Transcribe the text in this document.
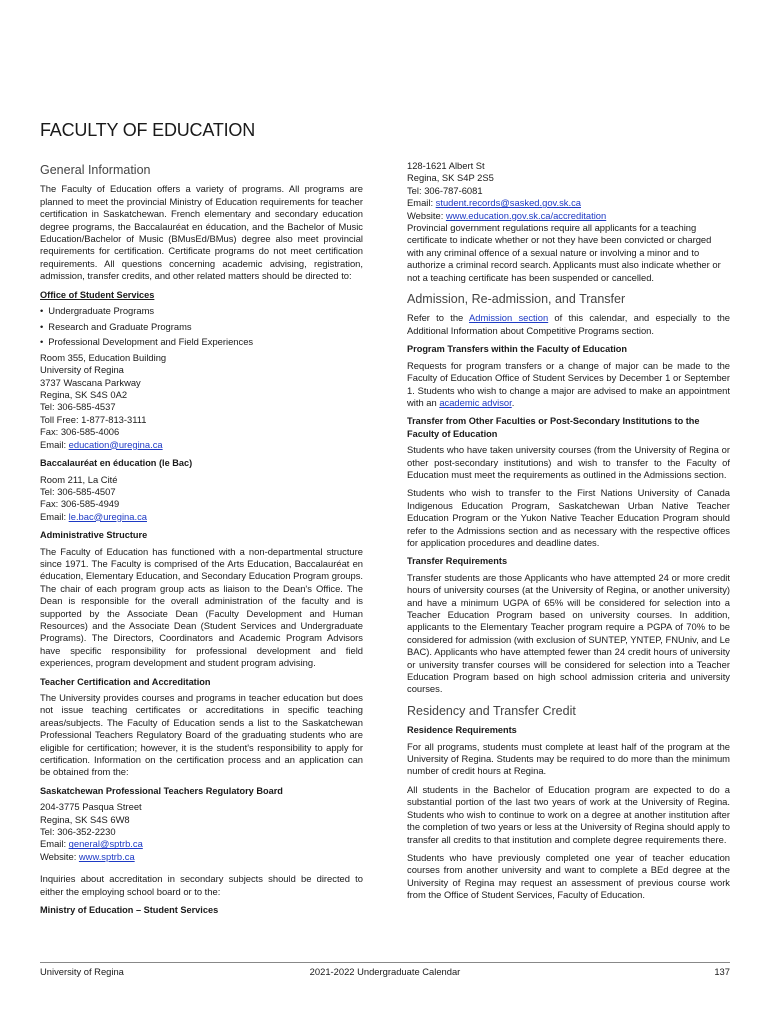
FACULTY OF EDUCATION
General Information

The Faculty of Education offers a variety of programs. All programs are planned to meet the provincial Ministry of Education requirements for teacher certification in Saskatchewan. French elementary and secondary education degree programs, the Baccalauréat en éducation, and the Bachelor of Music Education/Bachelor of Music (BMusEd/BMus) degree also meet provincial requirements for certification. Certificate programs do not meet certification requirements. All questions concerning academic advising, registration, admission, transfer credits, and other related matters should be directed to:

Office of Student Services
• Undergraduate Programs
• Research and Graduate Programs
• Professional Development and Field Experiences
Room 355, Education Building
University of Regina
3737 Wascana Parkway
Regina, SK S4S 0A2
Tel: 306-585-4537
Toll Free: 1-877-813-3111
Fax: 306-585-4006
Email: education@uregina.ca
Baccalauréat en éducation (le Bac)
Room 211, La Cité
Tel: 306-585-4507
Fax: 306-585-4949
Email: le.bac@uregina.ca
Administrative Structure

The Faculty of Education has functioned with a non-departmental structure since 1971. The Faculty is comprised of the Arts Education, Baccalauréat en éducation, Elementary Education, and Secondary Education Program groups. The chair of each program group acts as liaison to the Dean's Office. The Dean is responsible for the overall administration of the faculty and is supported by the Associate Dean (Faculty Development and Human Resources) and the Associate Dean (Student Services and Undergraduate Programs). The Directors, Coordinators and Academic Program Advisors have specific responsibility for professional development and field experiences, program development and student program advising.

Teacher Certification and Accreditation

The University provides courses and programs in teacher education but does not issue teaching certificates or accreditations in specific teaching areas/subjects. The Faculty of Education sends a list to the Saskatchewan Professional Teachers Regulatory Board of the graduating students who are eligible for certification; however, it is the student's responsibility to apply for certification. Information on the certification process and an application can be obtained from the:

Saskatchewan Professional Teachers Regulatory Board
204-3775 Pasqua Street
Regina, SK S4S 6W8
Tel: 306-352-2230
Email: general@sptrb.ca
Website: www.sptrb.ca

Inquiries about accreditation in secondary subjects should be directed to either the employing school board or to the:

Ministry of Education – Student Services
128-1621 Albert St
Regina, SK S4P 2S5
Tel: 306-787-6081
Email: student.records@sasked.gov.sk.ca
Website: www.education.gov.sk.ca/accreditation
Provincial government regulations require all applicants for a teaching certificate to indicate whether or not they have been convicted or charged with any criminal offence of a sexual nature or involving a minor and to authorize a criminal record search. Applicants must also indicate whether or not a teaching certificate has been suspended or cancelled.
Admission, Re-admission, and Transfer

Refer to the Admission section of this calendar, and especially to the Additional Information about Competitive Programs section.

Program Transfers within the Faculty of Education

Requests for program transfers or a change of major can be made to the Faculty of Education Office of Student Services by December 1 or September 1. Students who wish to change a major are advised to make an appointment with an academic advisor.

Transfer from Other Faculties or Post-Secondary Institutions to the Faculty of Education

Students who have taken university courses (from the University of Regina or other post-secondary institutions) and wish to transfer to the Faculty of Education must meet the requirements as outlined in the Admissions section.

Students who wish to transfer to the First Nations University of Canada Indigenous Education Program, Saskatchewan Urban Native Teacher Education Program or the Yukon Native Teacher Education Program should refer to the Admissions section and as necessary with the respective offices for application procedures and deadline dates.

Transfer Requirements

Transfer students are those Applicants who have attempted 24 or more credit hours of university courses (at the University of Regina, or another university) and have a minimum UGPA of 65% will be considered for selection into a Teacher Education Program based on university courses. In addition, applicants to the Elementary Teacher program require a PGPA of 70% to be considered for admission (with exclusion of SUNTEP, YNTEP, FNUniv, and Le BAC). Applicants who have attempted fewer than 24 credit hours of university or university transfer courses will be considered for selection into a Teacher Education Program based on high school admission criteria and university courses.

Residency and Transfer Credit
Residence Requirements

For all programs, students must complete at least half of the program at the University of Regina. Students may be required to do more than the minimum number of credit hours at Regina.

All students in the Bachelor of Education program are expected to do a substantial portion of the last two years of work at the University of Regina. Students who wish to continue to work on a degree at another institution after the completion of two years or less at the University of Regina should apply to transfer all credits to that institution and complete degree requirements there.

Students who have previously completed one year of teacher education courses from another university and want to complete a BEd degree at the University of Regina may request an assessment of previous course work from the Office of Student Services, Faculty of Education.

University of Regina	2021-2022 Undergraduate Calendar	137
